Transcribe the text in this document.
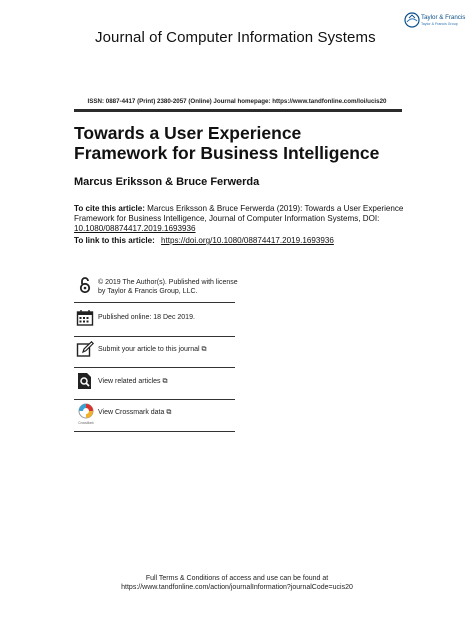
Taylor & Francis
Taylor & Francis Group
Journal of Computer Information Systems
ISSN: 0887-4417 (Print) 2380-2057 (Online) Journal homepage: https://www.tandfonline.com/loi/ucis20
Towards a User Experience Framework for Business Intelligence
Marcus Eriksson & Bruce Ferwerda
To cite this article: Marcus Eriksson & Bruce Ferwerda (2019): Towards a User Experience Framework for Business Intelligence, Journal of Computer Information Systems, DOI: 10.1080/08874417.2019.1693936
To link to this article: https://doi.org/10.1080/08874417.2019.1693936
© 2019 The Author(s). Published with license by Taylor & Francis Group, LLC.
Published online: 18 Dec 2019.
Submit your article to this journal ⧉
View related articles ⧉
CrossMark
View Crossmark data ⧉
Full Terms & Conditions of access and use can be found at
https://www.tandfonline.com/action/journalInformation?journalCode=ucis20
